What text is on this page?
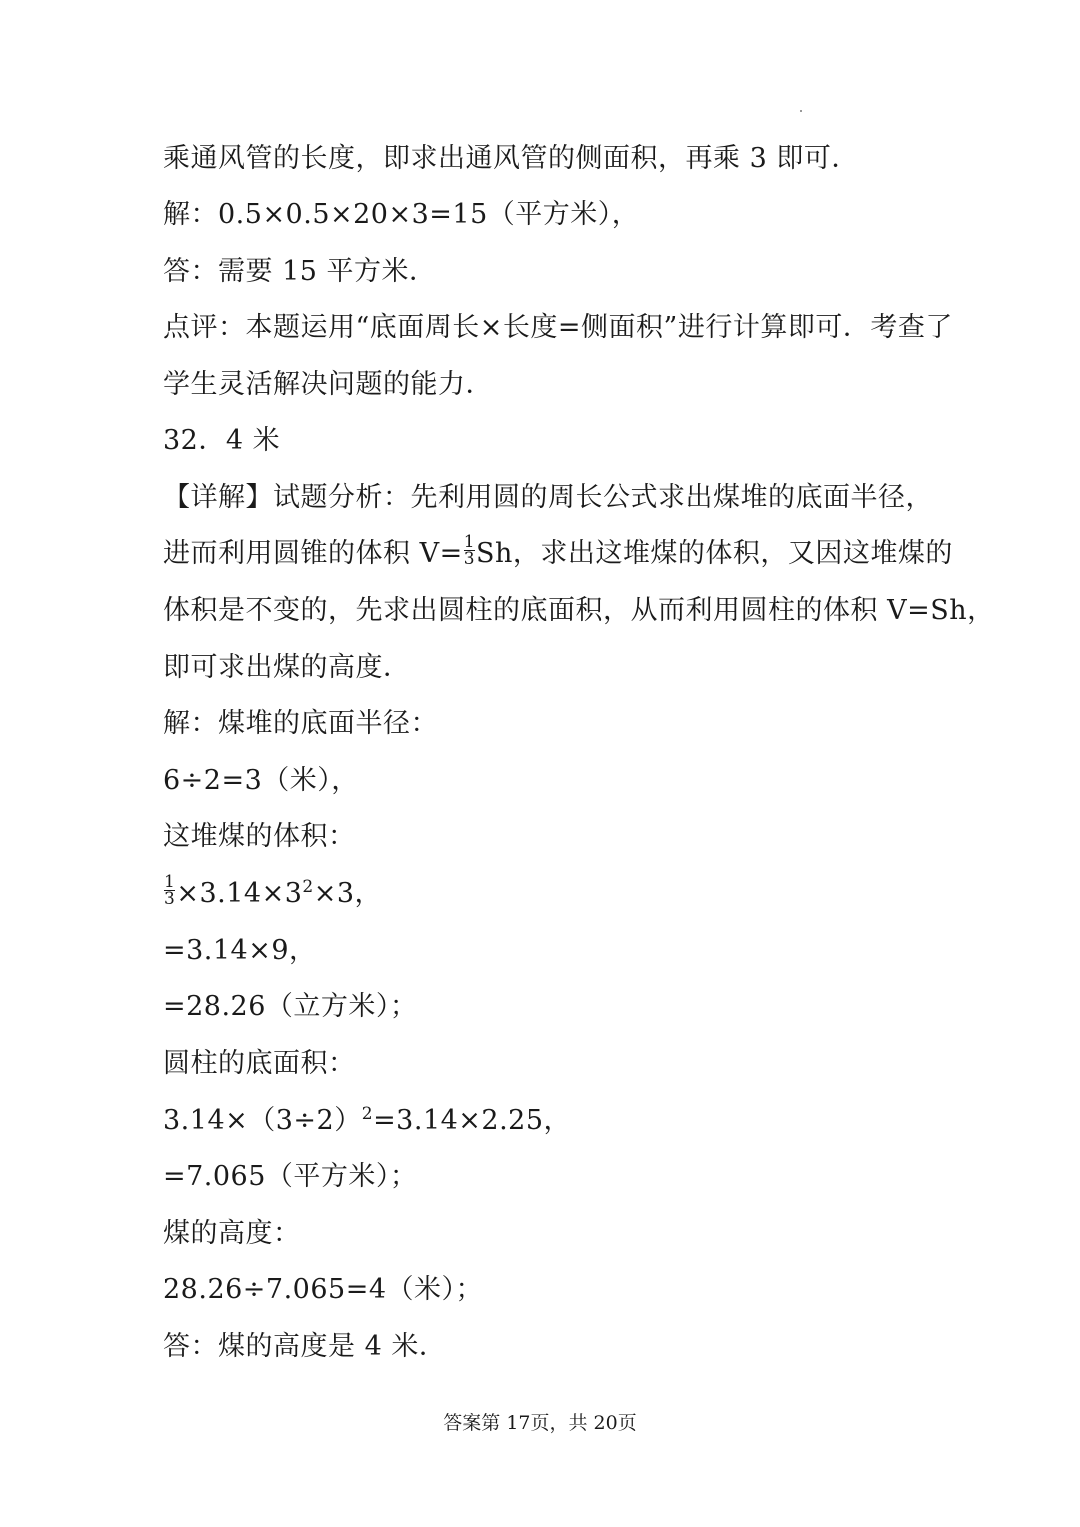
乘通风管的长度，即求出通风管的侧面积，再乘 3 即可．
解：0.5×0.5×20×3=15（平方米），
答：需要 15 平方米．
点评：本题运用“底面周长×长度=侧面积”进行计算即可．考查了
学生灵活解决问题的能力．
32．4 米
【详解】试题分析：先利用圆的周长公式求出煤堆的底面半径，
进而利用圆锥的体积 $V= \frac{1}{3}$ Sh，求出这堆煤的体积，又因这堆煤的
体积是不变的，先求出圆柱的底面积，从而利用圆柱的体积 V=Sh，
即可求出煤的高度．
解：煤堆的底面半径：
6÷2=3（米），
这堆煤的体积：
$\frac{1}{3} \times 3.14\times 3^2\times 3$，
=3.14×9，
=28.26（立方米）；
圆柱的底面积：
$3.14\times(3\div 2)^2=3.14\times 2.25$，
=7.065（平方米）；
煤的高度：
28.26÷7.065=4（米）；
答：煤的高度是 4 米．
答案第 17页，共 20页
